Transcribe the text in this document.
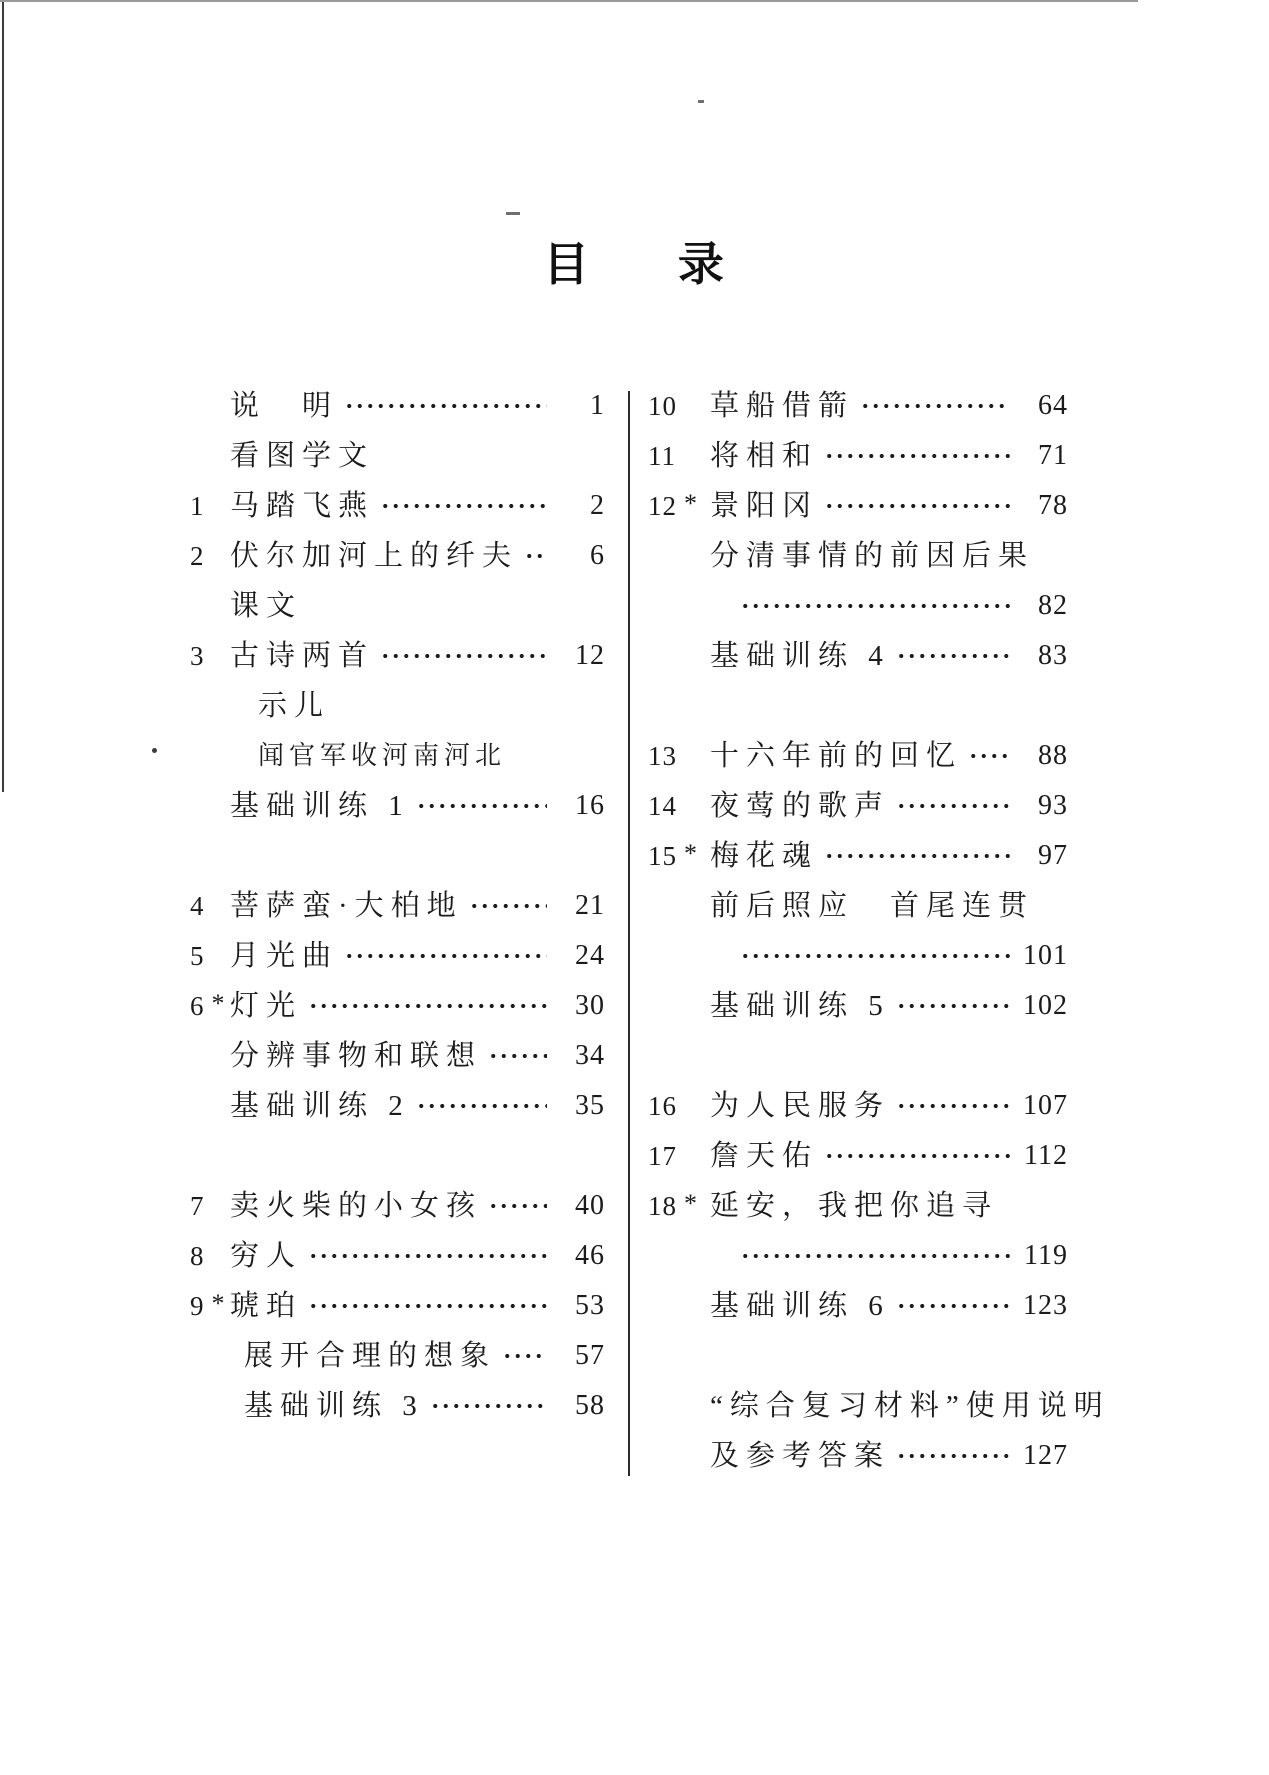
目 录
说　明	1
看图学文
1 马踏飞燕	2
2 伏尔加河上的纤夫	6
课文
3 古诗两首	12
示儿
闻官军收河南河北
基础训练 1	16
4 菩萨蛮·大柏地	21
5 月光曲	24
6 * 灯光	30
分辨事物和联想	34
基础训练 2	35
7 卖火柴的小女孩	40
8 穷人	46
9 * 琥珀	53
展开合理的想象	57
基础训练 3	58
10	草船借箭	64
11	将相和	71
12 * 景阳冈	78
分清事情的前因后果
82
基础训练 4	83
13	十六年前的回忆	88
14	夜莺的歌声	93
15 * 梅花魂	97
前后照应　首尾连贯
101
基础训练 5	102
16	为人民服务	107
17	詹天佑	112
18 * 延安，我把你追寻
119
基础训练 6	123
“综合复习材料”使用说明
及参考答案	127
